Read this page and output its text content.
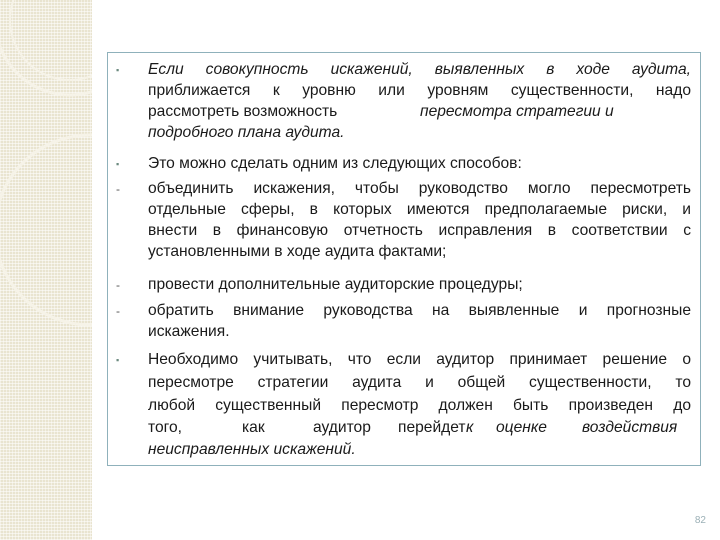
▪ Если совокупность искажений, выявленных в ходе аудита,
приближается к уровню или уровням существенности, надо
рассмотреть возможность	пересмотра стратегии и
подробного плана аудита.
▪ Это можно сделать одним из следующих способов:
- объединить искажения, чтобы руководство могло пересмотреть
отдельные сферы, в которых имеются предполагаемые риски, и
внести в финансовую отчетность исправления в соответствии с
установленными в ходе аудита фактами;
- провести дополнительные аудиторские процедуры;
- обратить внимание руководства на выявленные и прогнозные
искажения.
▪ Необходимо учитывать, что если аудитор принимает решение о
пересмотре стратегии аудита и общей существенности, то
любой существенный пересмотр должен быть произведен до
того,	как	аудитор перейдет к оценке воздействия
неисправленных искажений.
82
